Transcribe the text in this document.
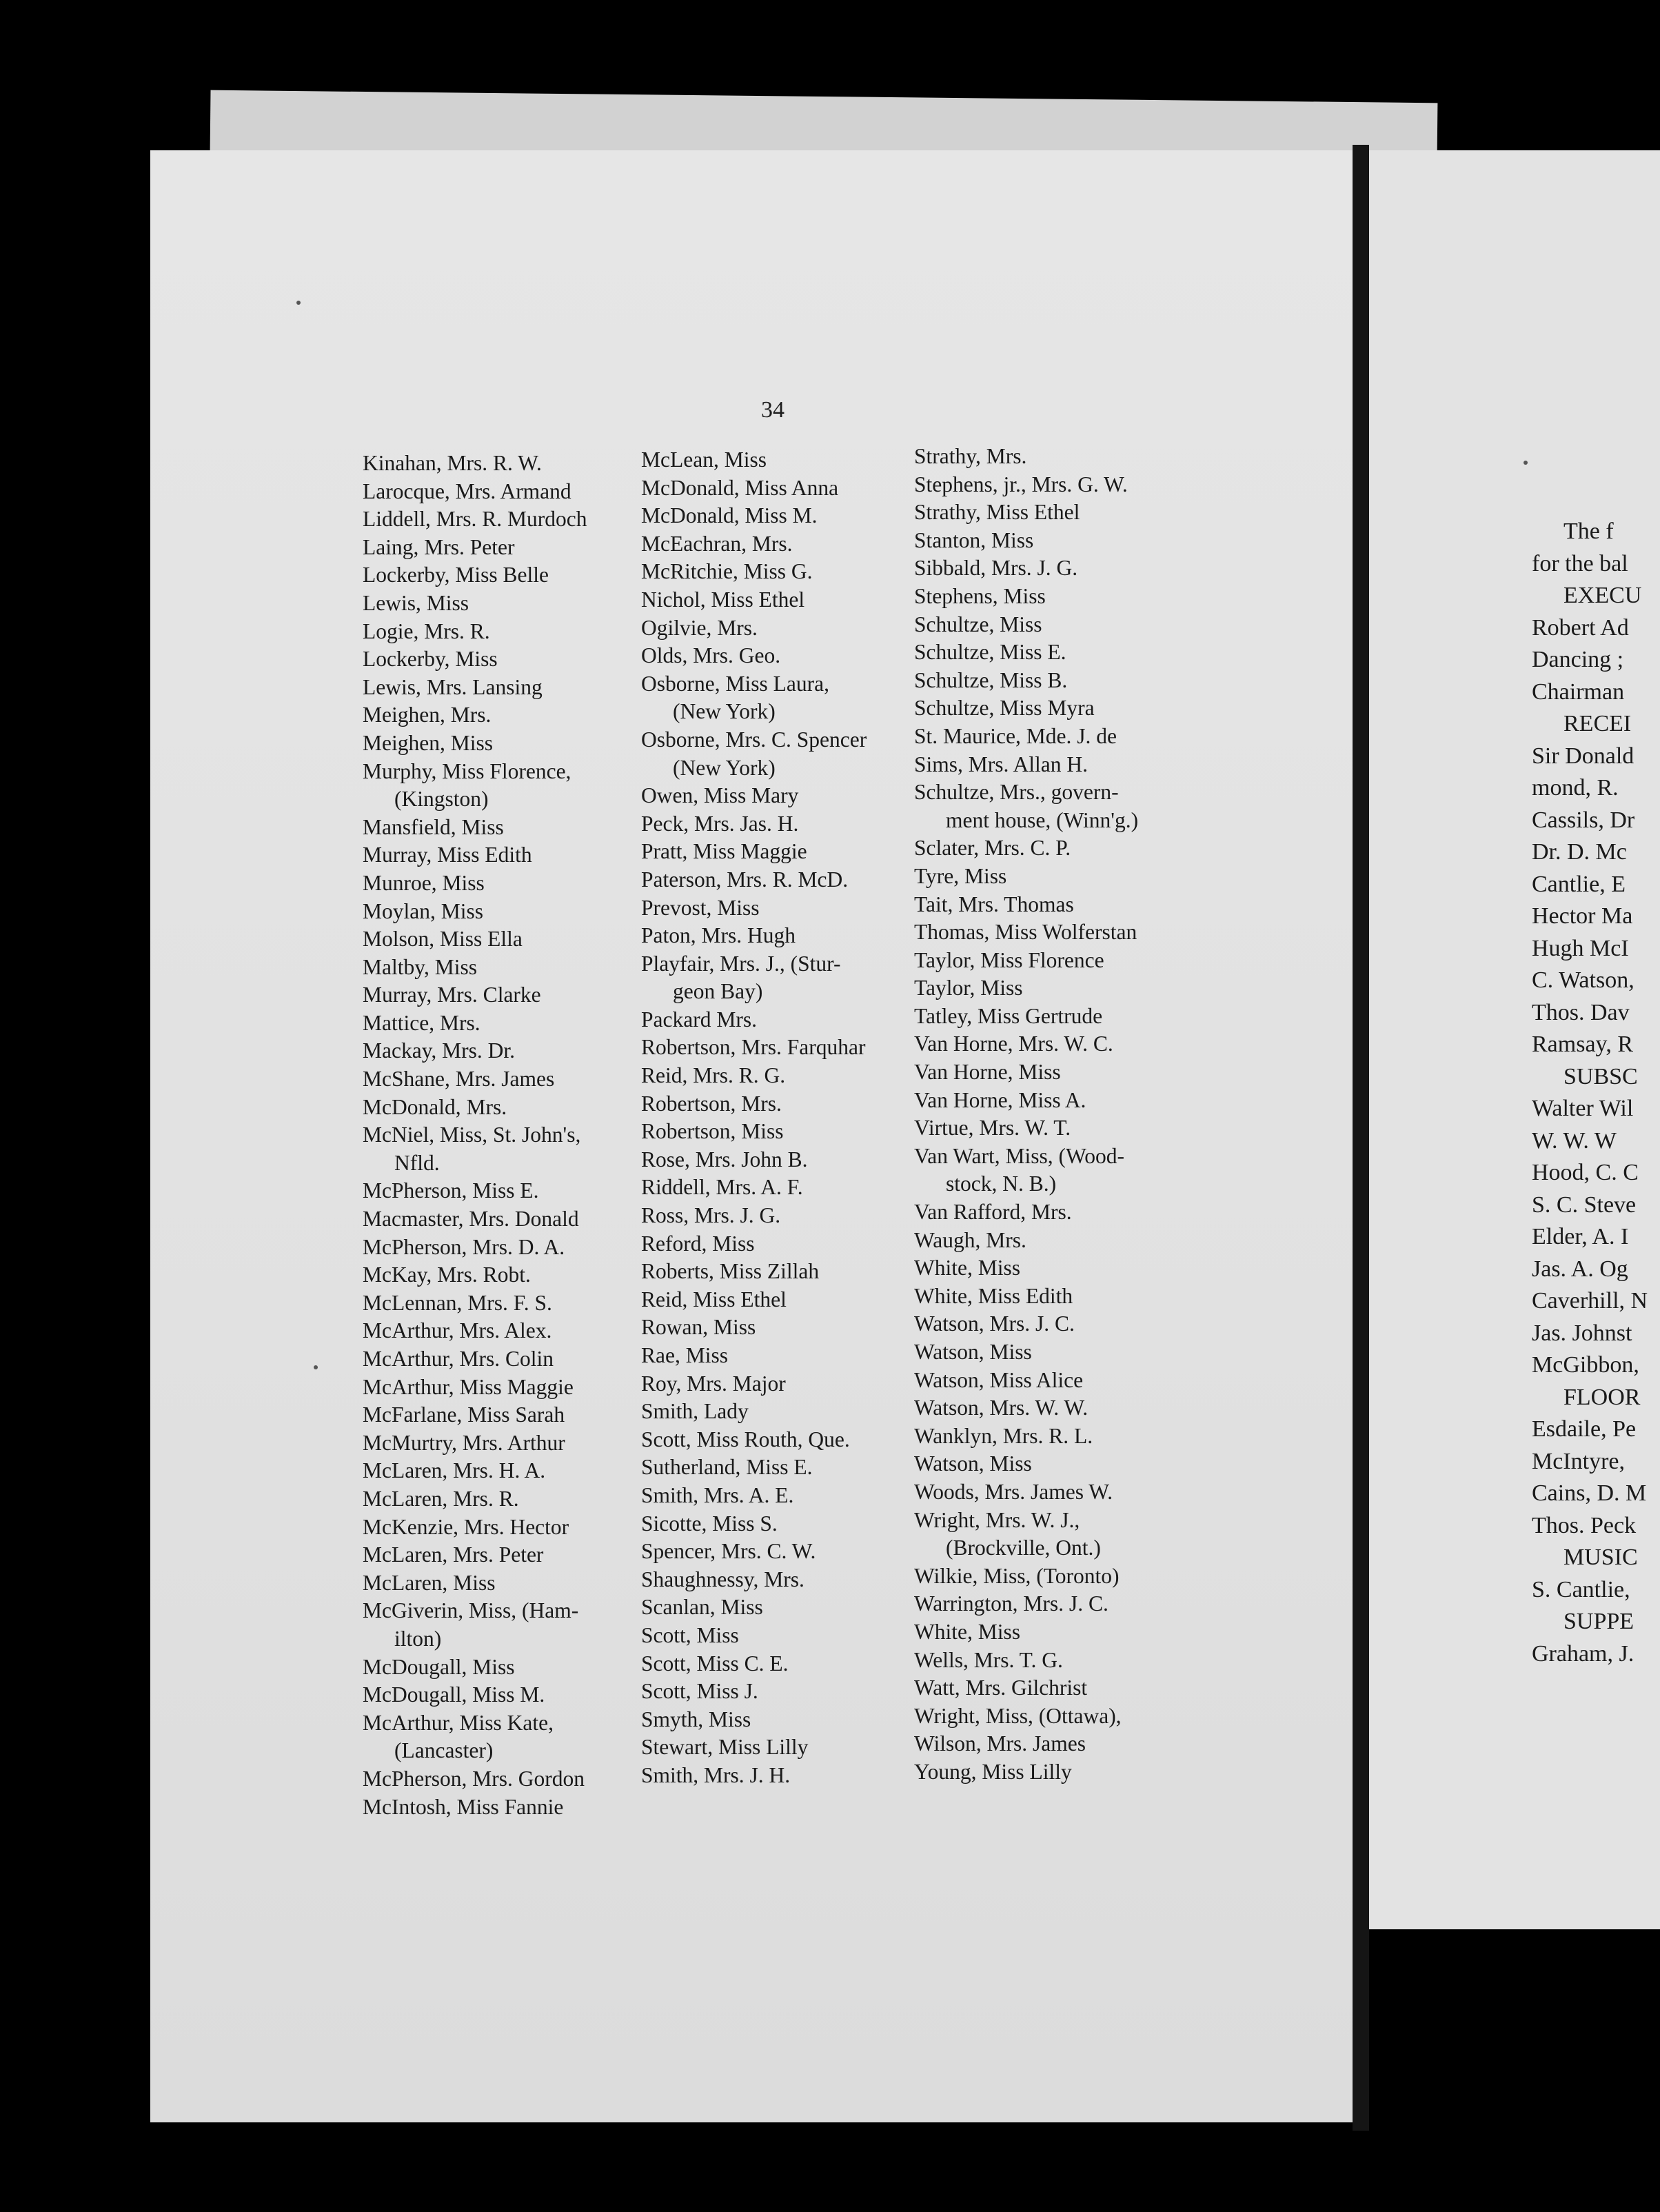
34
Kinahan, Mrs. R. W.
Larocque, Mrs. Armand
Liddell, Mrs. R. Murdoch
Laing, Mrs. Peter
Lockerby, Miss Belle
Lewis, Miss
Logie, Mrs. R.
Lockerby, Miss
Lewis, Mrs. Lansing
Meighen, Mrs.
Meighen, Miss
Murphy, Miss Florence,
(Kingston)
Mansfield, Miss
Murray, Miss Edith
Munroe, Miss
Moylan, Miss
Molson, Miss Ella
Maltby, Miss
Murray, Mrs. Clarke
Mattice, Mrs.
Mackay, Mrs. Dr.
McShane, Mrs. James
McDonald, Mrs.
McNiel, Miss, St. John's,
Nfld.
McPherson, Miss E.
Macmaster, Mrs. Donald
McPherson, Mrs. D. A.
McKay, Mrs. Robt.
McLennan, Mrs. F. S.
McArthur, Mrs. Alex.
McArthur, Mrs. Colin
McArthur, Miss Maggie
McFarlane, Miss Sarah
McMurtry, Mrs. Arthur
McLaren, Mrs. H. A.
McLaren, Mrs. R.
McKenzie, Mrs. Hector
McLaren, Mrs. Peter
McLaren, Miss
McGiverin, Miss, (Ham-
ilton)
McDougall, Miss
McDougall, Miss M.
McArthur, Miss Kate,
(Lancaster)
McPherson, Mrs. Gordon
McIntosh, Miss Fannie
McLean, Miss
McDonald, Miss Anna
McDonald, Miss M.
McEachran, Mrs.
McRitchie, Miss G.
Nichol, Miss Ethel
Ogilvie, Mrs.
Olds, Mrs. Geo.
Osborne, Miss Laura,
(New York)
Osborne, Mrs. C. Spencer
(New York)
Owen, Miss Mary
Peck, Mrs. Jas. H.
Pratt, Miss Maggie
Paterson, Mrs. R. McD.
Prevost, Miss
Paton, Mrs. Hugh
Playfair, Mrs. J., (Stur-
geon Bay)
Packard Mrs.
Robertson, Mrs. Farquhar
Reid, Mrs. R. G.
Robertson, Mrs.
Robertson, Miss
Rose, Mrs. John B.
Riddell, Mrs. A. F.
Ross, Mrs. J. G.
Reford, Miss
Roberts, Miss Zillah
Reid, Miss Ethel
Rowan, Miss
Rae, Miss
Roy, Mrs. Major
Smith, Lady
Scott, Miss Routh, Que.
Sutherland, Miss E.
Smith, Mrs. A. E.
Sicotte, Miss S.
Spencer, Mrs. C. W.
Shaughnessy, Mrs.
Scanlan, Miss
Scott, Miss
Scott, Miss C. E.
Scott, Miss J.
Smyth, Miss
Stewart, Miss Lilly
Smith, Mrs. J. H.
Strathy, Mrs.
Stephens, jr., Mrs. G. W.
Strathy, Miss Ethel
Stanton, Miss
Sibbald, Mrs. J. G.
Stephens, Miss
Schultze, Miss
Schultze, Miss E.
Schultze, Miss B.
Schultze, Miss Myra
St. Maurice, Mde. J. de
Sims, Mrs. Allan H.
Schultze, Mrs., govern-
ment house, (Winn'g.)
Sclater, Mrs. C. P.
Tyre, Miss
Tait, Mrs. Thomas
Thomas, Miss Wolferstan
Taylor, Miss Florence
Taylor, Miss
Tatley, Miss Gertrude
Van Horne, Mrs. W. C.
Van Horne, Miss
Van Horne, Miss A.
Virtue, Mrs. W. T.
Van Wart, Miss, (Wood-
stock, N. B.)
Van Rafford, Mrs.
Waugh, Mrs.
White, Miss
White, Miss Edith
Watson, Mrs. J. C.
Watson, Miss
Watson, Miss Alice
Watson, Mrs. W. W.
Wanklyn, Mrs. R. L.
Watson, Miss
Woods, Mrs. James W.
Wright, Mrs. W. J.,
(Brockville, Ont.)
Wilkie, Miss, (Toronto)
Warrington, Mrs. J. C.
White, Miss
Wells, Mrs. T. G.
Watt, Mrs. Gilchrist
Wright, Miss, (Ottawa),
Wilson, Mrs. James
Young, Miss Lilly
The f
for the bal
EXECU
Robert Ad
Dancing ;
Chairman
RECEI
Sir Donald
mond, R.
Cassils, Dr
Dr. D. Mc
Cantlie, E
Hector Ma
Hugh McI
C. Watson,
Thos. Dav
Ramsay, R
SUBSC
Walter Wil
W. W. W
Hood, C. C
S. C. Steve
Elder, A. I
Jas. A. Og
Caverhill, N
Jas. Johnst
McGibbon,
FLOOR
Esdaile, Pe
McIntyre,
Cains, D. M
Thos. Peck
MUSIC
S. Cantlie,
SUPPE
Graham, J.
